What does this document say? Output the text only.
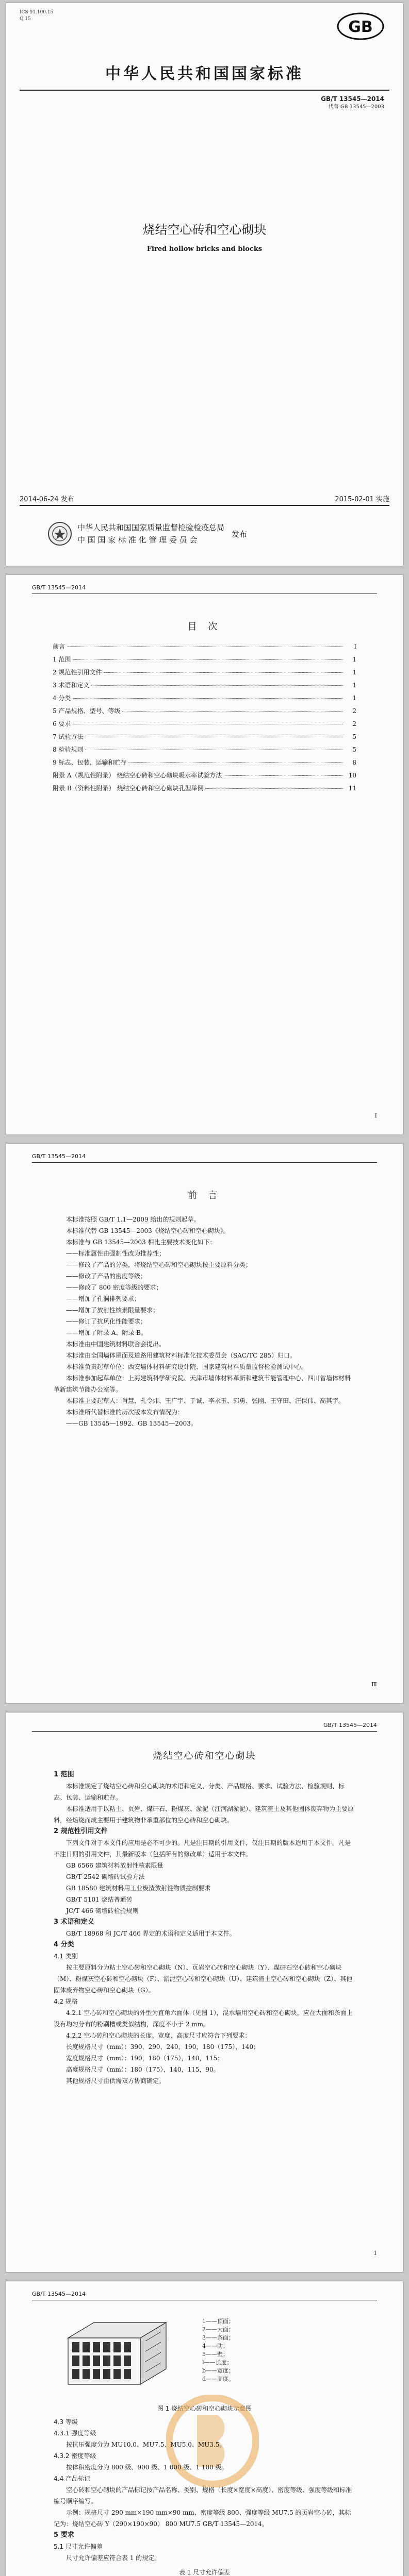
ICS 91.100.15
Q 15	GB
中华人民共和国国家标准
GB/T 13545—2014
代替 GB 13545—2003
烧结空心砖和空心砌块
Fired hollow bricks and blocks
2014-06-24 发布	2015-02-01 实施
中华人民共和国国家质量监督检验检疫总局
中 国 国 家 标 准 化 管 理 委 员 会
发布
GB/T 13545—2014
目 次
前言	Ⅰ
1 范围	1
2 规范性引用文件	1
3 术语和定义	1
4 分类	1
5 产品规格、型号、等级	2
6 要求	2
7 试验方法	5
8 检验规则	5
9 标志、包装、运输和贮存	8
附录 A（规范性附录） 烧结空心砖和空心砌块吸水率试验方法	10
附录 B（资料性附录） 烧结空心砖和空心砌块孔型举例	11
Ⅰ
GB/T 13545—2014
前 言

本标准按照 GB/T 1.1—2009 给出的规则起草。

本标准代替 GB 13545—2003《烧结空心砖和空心砌块》。

本标准与 GB 13545—2003 相比主要技术变化如下：

——标准属性由强制性改为推荐性；

——修改了产品的分类，将烧结空心砖和空心砌块按主要原料分类；

——修改了产品的密度等级；

——修改了 800 密度等级的要求；

——增加了孔洞排列要求；

——增加了放射性核素限量要求；

——修订了抗风化性能要求；

——增加了附录 A、附录 B。

本标准由中国建筑材料联合会提出。

本标准由全国墙体屋面及道路用建筑材料标准化技术委员会（SAC/TC 285）归口。

本标准负责起草单位：西安墙体材料研究设计院、国家建筑材料质量监督检验测试中心。

本标准参加起草单位：上海建筑科学研究院、天津市墙体材料革新和建筑节能管理中心、四川省墙体材料革新建筑节能办公室等。

本标准主要起草人：肖慧、孔令炜、王广宇、于诚、李永玉、郭勇、张刚、王守田、汪保伟、高其宇。

本标准所代替标准的历次版本发布情况为：

——GB 13545—1992、GB 13545—2003。

Ⅲ
GB/T 13545—2014
烧结空心砖和空心砌块

1 范围

本标准规定了烧结空心砖和空心砌块的术语和定义、分类、产品规格、要求、试验方法、检验规则、标志、包装、运输和贮存。

本标准适用于以粘土、页岩、煤矸石、粉煤灰、淤泥（江河湖淤泥）、建筑渣土及其他固体废弃物为主要原料，经焙烧而成主要用于建筑物非承重部位的空心砖和空心砌块。

2 规范性引用文件

下列文件对于本文件的应用是必不可少的。凡是注日期的引用文件，仅注日期的版本适用于本文件。凡是不注日期的引用文件，其最新版本（包括所有的修改单）适用于本文件。

GB 6566 建筑材料放射性核素限量

GB/T 2542 砌墙砖试验方法

GB 18580 建筑材料用工业废渣放射性物质控制要求

GB/T 5101 烧结普通砖

JC/T 466 砌墙砖检验规则

3 术语和定义

GB/T 18968 和 JC/T 466 界定的术语和定义适用于本文件。

4 分类

4.1 类别

按主要原料分为粘土空心砖和空心砌块（N）、页岩空心砖和空心砌块（Y）、煤矸石空心砖和空心砌块（M）、粉煤灰空心砖和空心砌块（F）、淤泥空心砖和空心砌块（U）、建筑渣土空心砖和空心砌块（Z）、其他固体废弃物空心砖和空心砌块（G）。

4.2 规格

4.2.1 空心砖和空心砌块的外型为直角六面体（见图 1），混水墙用空心砖和空心砌块，应在大面和条面上设有均匀分布的粉刷槽或类似结构，深度不小于 2 mm。

4.2.2 空心砖和空心砌块的长度、宽度、高度尺寸应符合下列要求：

长度规格尺寸（mm）：390，290，240，190，180（175），140；

宽度规格尺寸（mm）：190，180（175），140，115；

高度规格尺寸（mm）：180（175），140，115，90。

其他规格尺寸由供需双方协商确定。

1
GB/T 13545—2014
1——顶面；
2——大面；
3——条面；
4——肋；
5——壁；
l——长度；
b——宽度；
d——高度。
图 1 烧结空心砖和空心砌块示意图

4.3 等级

4.3.1 强度等级

按抗压强度分为 MU10.0、MU7.5、MU5.0、MU3.5。

4.3.2 密度等级

按体积密度分为 800 级、900 级、1 000 级、1 100 级。

4.4 产品标记

空心砖和空心砌块的产品标记按产品名称、类别、规格（长度×宽度×高度）、密度等级、强度等级和标准编号顺序编写。

示例：规格尺寸 290 mm×190 mm×90 mm、密度等级 800、强度等级 MU7.5 的页岩空心砖，其标记为：烧结空心砖 Y（290×190×90） 800 MU7.5 GB/T 13545—2014。

5 要求

5.1 尺寸允许偏差

尺寸允许偏差应符合表 1 的规定。

表 1 尺寸允许偏差
